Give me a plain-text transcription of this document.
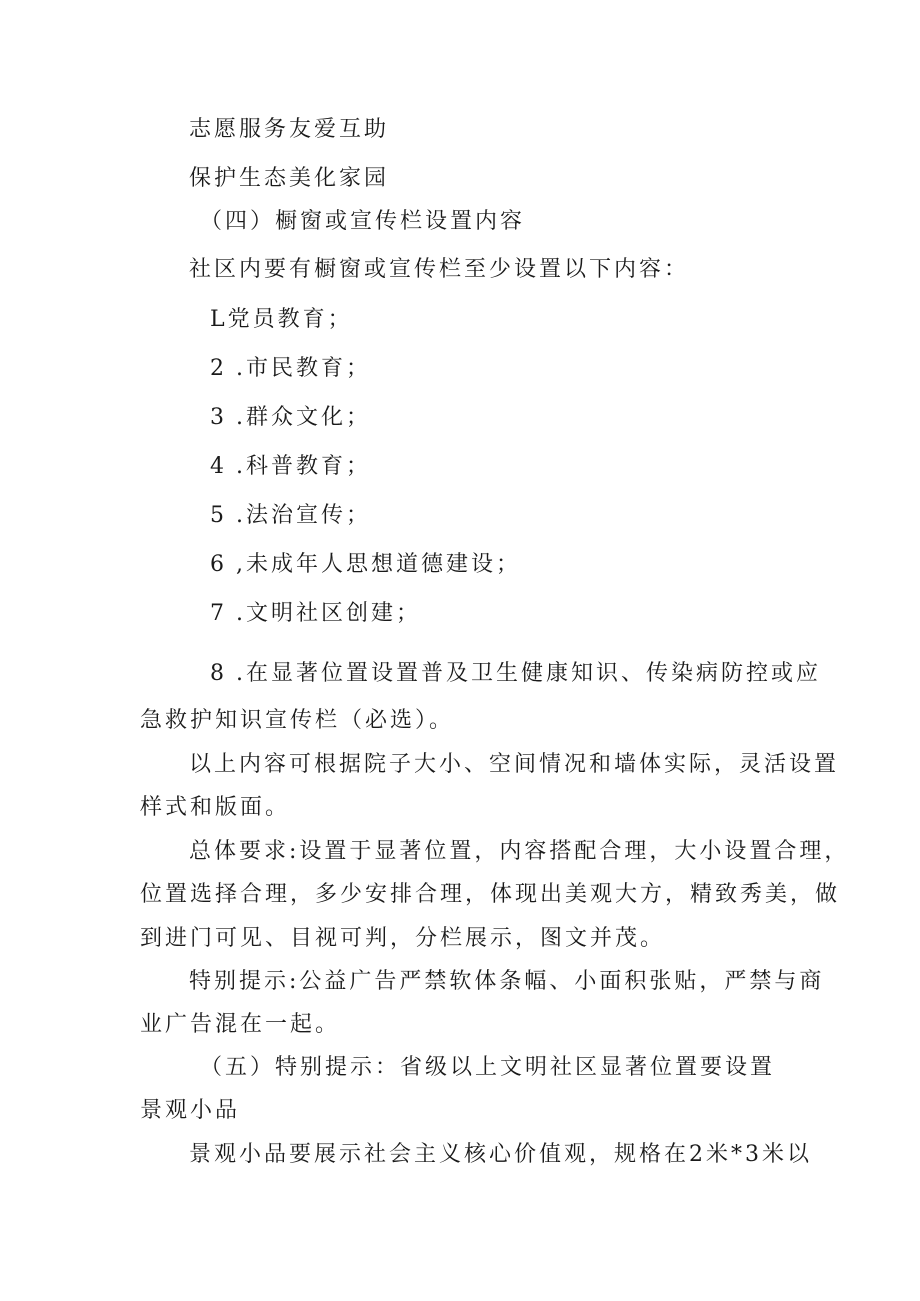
志愿服务友爱互助
保护生态美化家园
（四）橱窗或宣传栏设置内容
社区内要有橱窗或宣传栏至少设置以下内容：
L党员教育；
2 .市民教育；
3 .群众文化；
4 .科普教育；
5 .法治宣传；
6 ,未成年人思想道德建设；
7 .文明社区创建；
8 .在显著位置设置普及卫生健康知识、传染病防控或应
急救护知识宣传栏（必选）。
以上内容可根据院子大小、空间情况和墙体实际，灵活设置
样式和版面。
总体要求:设置于显著位置，内容搭配合理，大小设置合理，
位置选择合理，多少安排合理，体现出美观大方，精致秀美，做
到进门可见、目视可判，分栏展示，图文并茂。
特别提示:公益广告严禁软体条幅、小面积张贴，严禁与商
业广告混在一起。
（五）特别提示：省级以上文明社区显著位置要设置
景观小品
景观小品要展示社会主义核心价值观，规格在2米*3米以
